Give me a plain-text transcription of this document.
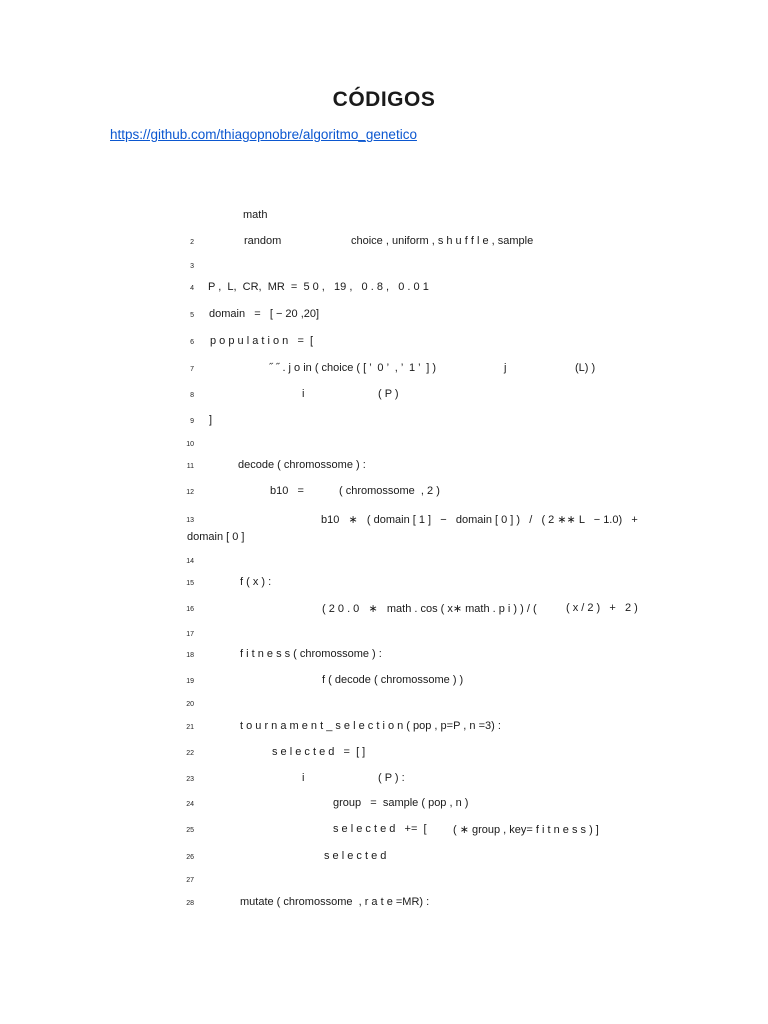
CÓDIGOS
https://github.com/thiagopnobre/algoritmo_genetico
math
2	random	choice , uniform , s h u f f l e , sample
3
4 P ,  L,  CR,  MR  =  5 0 ,   19 ,   0 . 8 ,   0 . 0 1
5 domain   =   [ − 20 ,20]
6 p o p u l a t i o n   =  [
7	˝ ˝ . j o in ( choice ( [ ’  0 ’  , ’  1 ’  ] )	j	(L) )
8	i	( P )
9 ]
10
11	decode ( chromossome ) :
12	b10   =	( chromossome  , 2 )
13	b10   ∗   ( domain [ 1 ]   −   domain [ 0 ] )   /   ( 2 ∗∗ L   − 1.0)   +
domain [ 0 ]
14
15	f ( x ) :
16	( 2 0 . 0   ∗   math . cos ( x∗ math . p i ) ) / (	( x / 2 )   +   2 )
17
18	f i t n e s s ( chromossome ) :
19	f ( decode ( chromossome ) )
20
21	t o u r n a m e n t _ s e l e c t i o n ( pop , p=P , n =3) :
22	s e l e c t e d   =  [ ]
23	i	( P ) :
24	group   =  sample ( pop , n )
25	s e l e c t e d   +=  [ ( ∗ group , key= f i t n e s s ) ]
26	s e l e c t e d
27
28	mutate ( chromossome  , r a t e =MR) :
